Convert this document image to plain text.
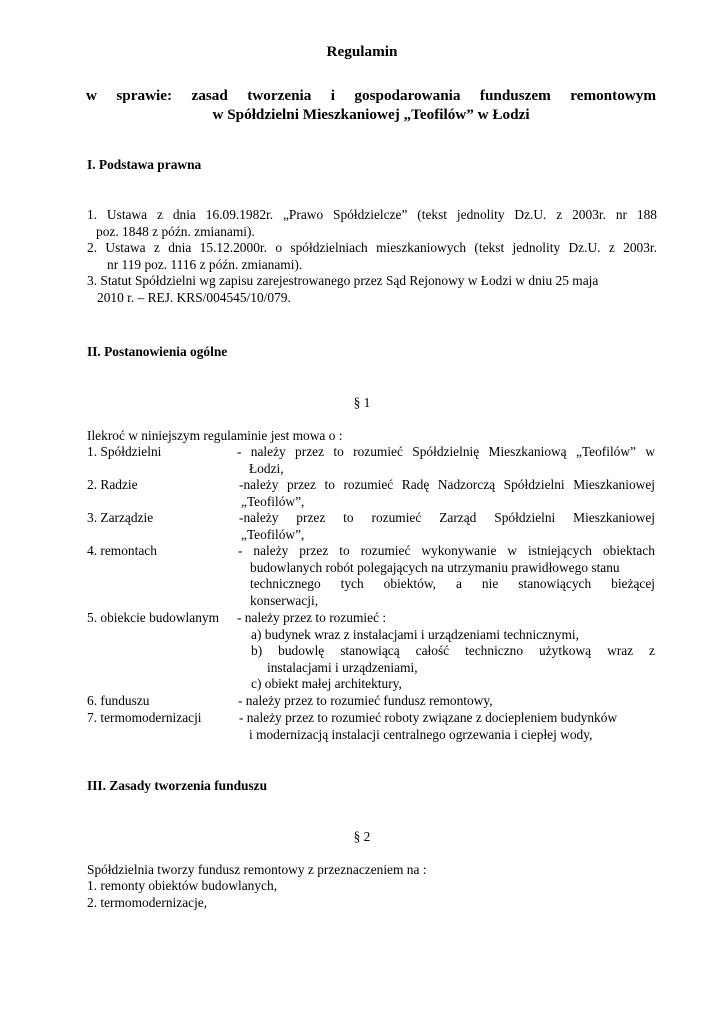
Regulamin
w sprawie: zasad tworzenia i gospodarowania funduszem remontowym
w Spółdzielni Mieszkaniowej „Teofilów” w Łodzi
I. Podstawa prawna
1. Ustawa z dnia 16.09.1982r. „Prawo Spółdzielcze” (tekst jednolity Dz.U. z 2003r. nr 188
poz. 1848 z późn. zmianami).
2. Ustawa z dnia 15.12.2000r. o spółdzielniach mieszkaniowych (tekst jednolity Dz.U. z 2003r.
nr 119 poz. 1116 z późn. zmianami).
3. Statut Spółdzielni wg zapisu zarejestrowanego przez Sąd Rejonowy w Łodzi w dniu 25 maja
2010 r. – REJ. KRS/004545/10/079.
II. Postanowienia ogólne
§ 1
Ilekroć w niniejszym regulaminie jest mowa o :
1. Spółdzielni	- należy przez to rozumieć Spółdzielnię Mieszkaniową „Teofilów” w
Łodzi,
2. Radzie	-należy przez to rozumieć Radę Nadzorczą Spółdzielni Mieszkaniowej
„Teofilów”,
3. Zarządzie	-należy przez to rozumieć Zarząd Spółdzielni Mieszkaniowej
„Teofilów”,
4. remontach	- należy przez to rozumieć wykonywanie w istniejących obiektach
budowlanych robót polegających na utrzymaniu prawidłowego stanu
technicznego tych obiektów, a nie stanowiących bieżącej
konserwacji,
5. obiekcie budowlanym - należy przez to rozumieć :
a) budynek wraz z instalacjami i urządzeniami technicznymi,
b) budowlę stanowiącą całość techniczno użytkową wraz z
instalacjami i urządzeniami,
c) obiekt małej architektury,
6. funduszu	- należy przez to rozumieć fundusz remontowy,
7. termomodernizacji	- należy przez to rozumieć roboty związane z dociepleniem budynków
i modernizacją instalacji centralnego ogrzewania i ciepłej wody,
III. Zasady tworzenia funduszu
§ 2
Spółdzielnia tworzy fundusz remontowy z przeznaczeniem na :
1. remonty obiektów budowlanych,
2. termomodernizacje,
